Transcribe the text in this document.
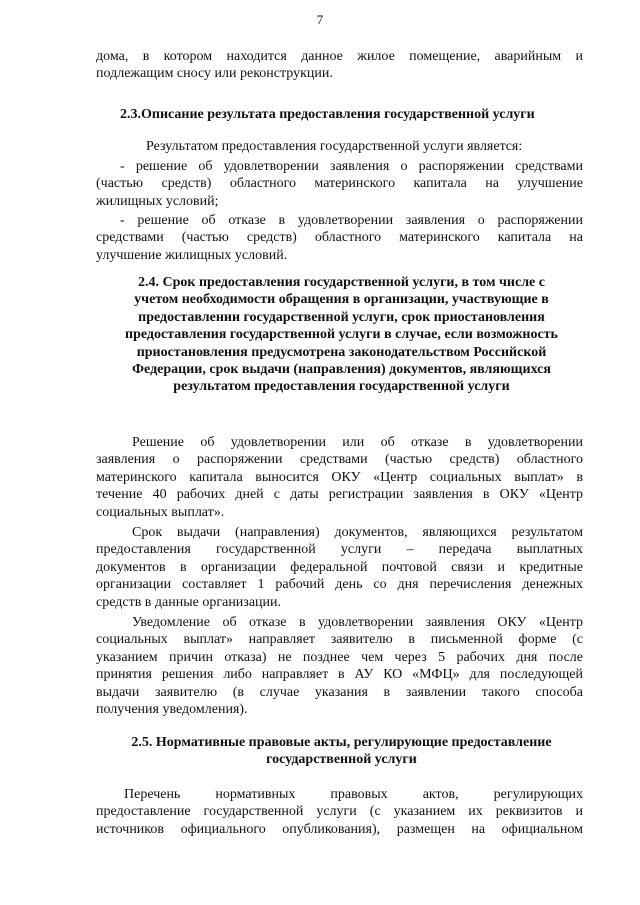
7
дома, в котором находится данное жилое помещение, аварийным и
подлежащим сносу или реконструкции.
2.3.Описание результата предоставления государственной услуги
Результатом предоставления государственной услуги являетcя:
- решение об удовлетворении заявления о распоряжении средствами
(частью средств) областного материнского капитала на улучшение
жилищных условий;
- решение об отказе в удовлетворении заявления о распоряжении
средствами (частью средств) областного материнского капитала на
улучшение жилищных условий.
2.4. Срок предоставления государственной услуги, в том числе с
учетом необходимости обращения в организации, участвующие в
предоставлении государственной услуги, срок приостановления
предоставления государственной услуги в случае, если возможность
приостановления предусмотрена законодательством Российской
Федерации, срок выдачи (направления) документов, являющихся
результатом предоставления государственной услуги
Решение об удовлетворении или об отказе в удовлетворении
заявления о распоряжении средствами (частью средств) областного
материнского капитала выносится ОКУ «Центр социальных выплат» в
течение 40 рабочих дней с даты регистрации заявления в ОКУ «Центр
социальных выплат».
Срок выдачи (направления) документов, являющихся результатом
предоставления государственной услуги – передача выплатных
документов в организации федеральной почтовой связи и кредитные
организации составляет 1 рабочий день со дня перечисления денежных
средств в данные организации.
Уведомление об отказе в удовлетворении заявления ОКУ «Центр
социальных выплат» направляет заявителю в письменной форме (с
указанием причин отказа) не позднее чем через 5 рабочих дня после
принятия решения либо направляет в АУ КО «МФЦ» для последующей
выдачи заявителю (в случае указания в заявлении такого способа
получения уведомления).
2.5. Нормативные правовые акты, регулирующие предоставление
государственной услуги
Перечень нормативных правовых актов, регулирующих
предоставление государственной услуги (с указанием их реквизитов и
источников официального опубликования), размещен на официальном
